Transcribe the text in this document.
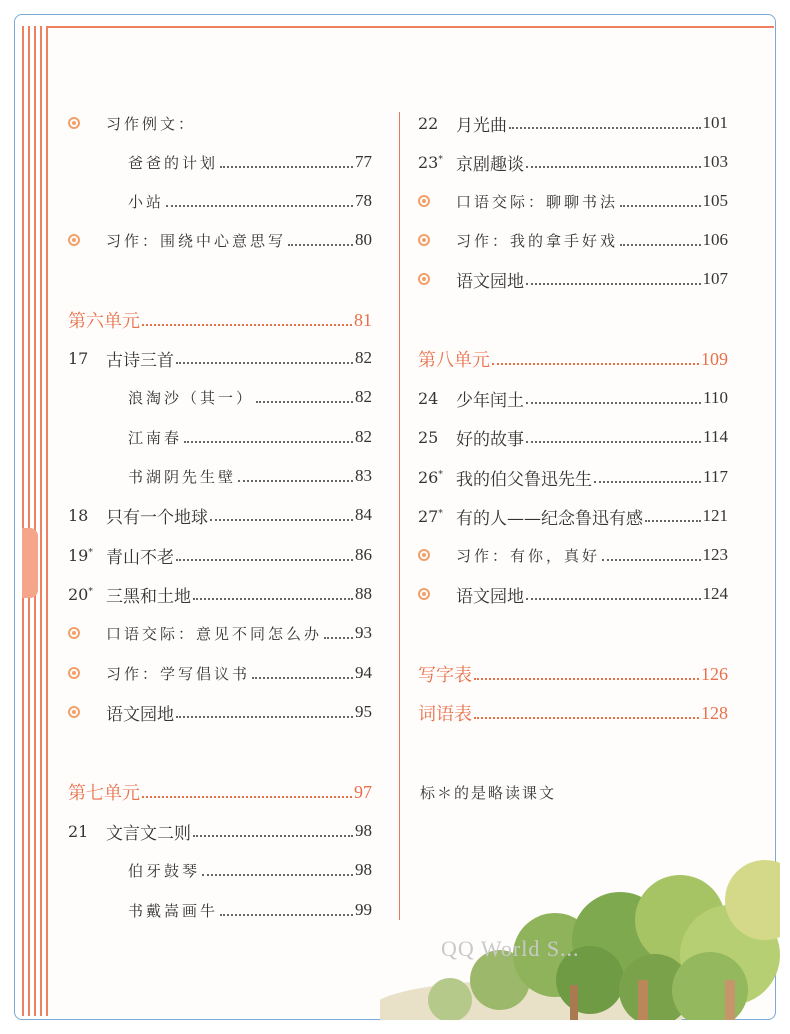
习作例文：
爸爸的计划	77
小站	78
习作：围绕中心意思写	80
第六单元	81
17	古诗三首	82
浪淘沙（其一）	82
江南春	82
书湖阴先生壁	83
18	只有一个地球	84
19* 青山不老	86
20* 三黑和土地	88
口语交际：意见不同怎么办 93
习作：学写倡议书	94
语文园地	95
第七单元	97
21	文言文二则	98
伯牙鼓琴	98
书戴嵩画牛	99
22	月光曲	101
23* 京剧趣谈	103
口语交际：聊聊书法	105
习作：我的拿手好戏	106
语文园地	107
第八单元	109
24	少年闰土	110
25	好的故事	114
26* 我的伯父鲁迅先生	117
27* 有的人——纪念鲁迅有感	121
习作：有你，真好	123
语文园地	124
写字表	126
词语表	128
标＊的是略读课文
QQ World S...
